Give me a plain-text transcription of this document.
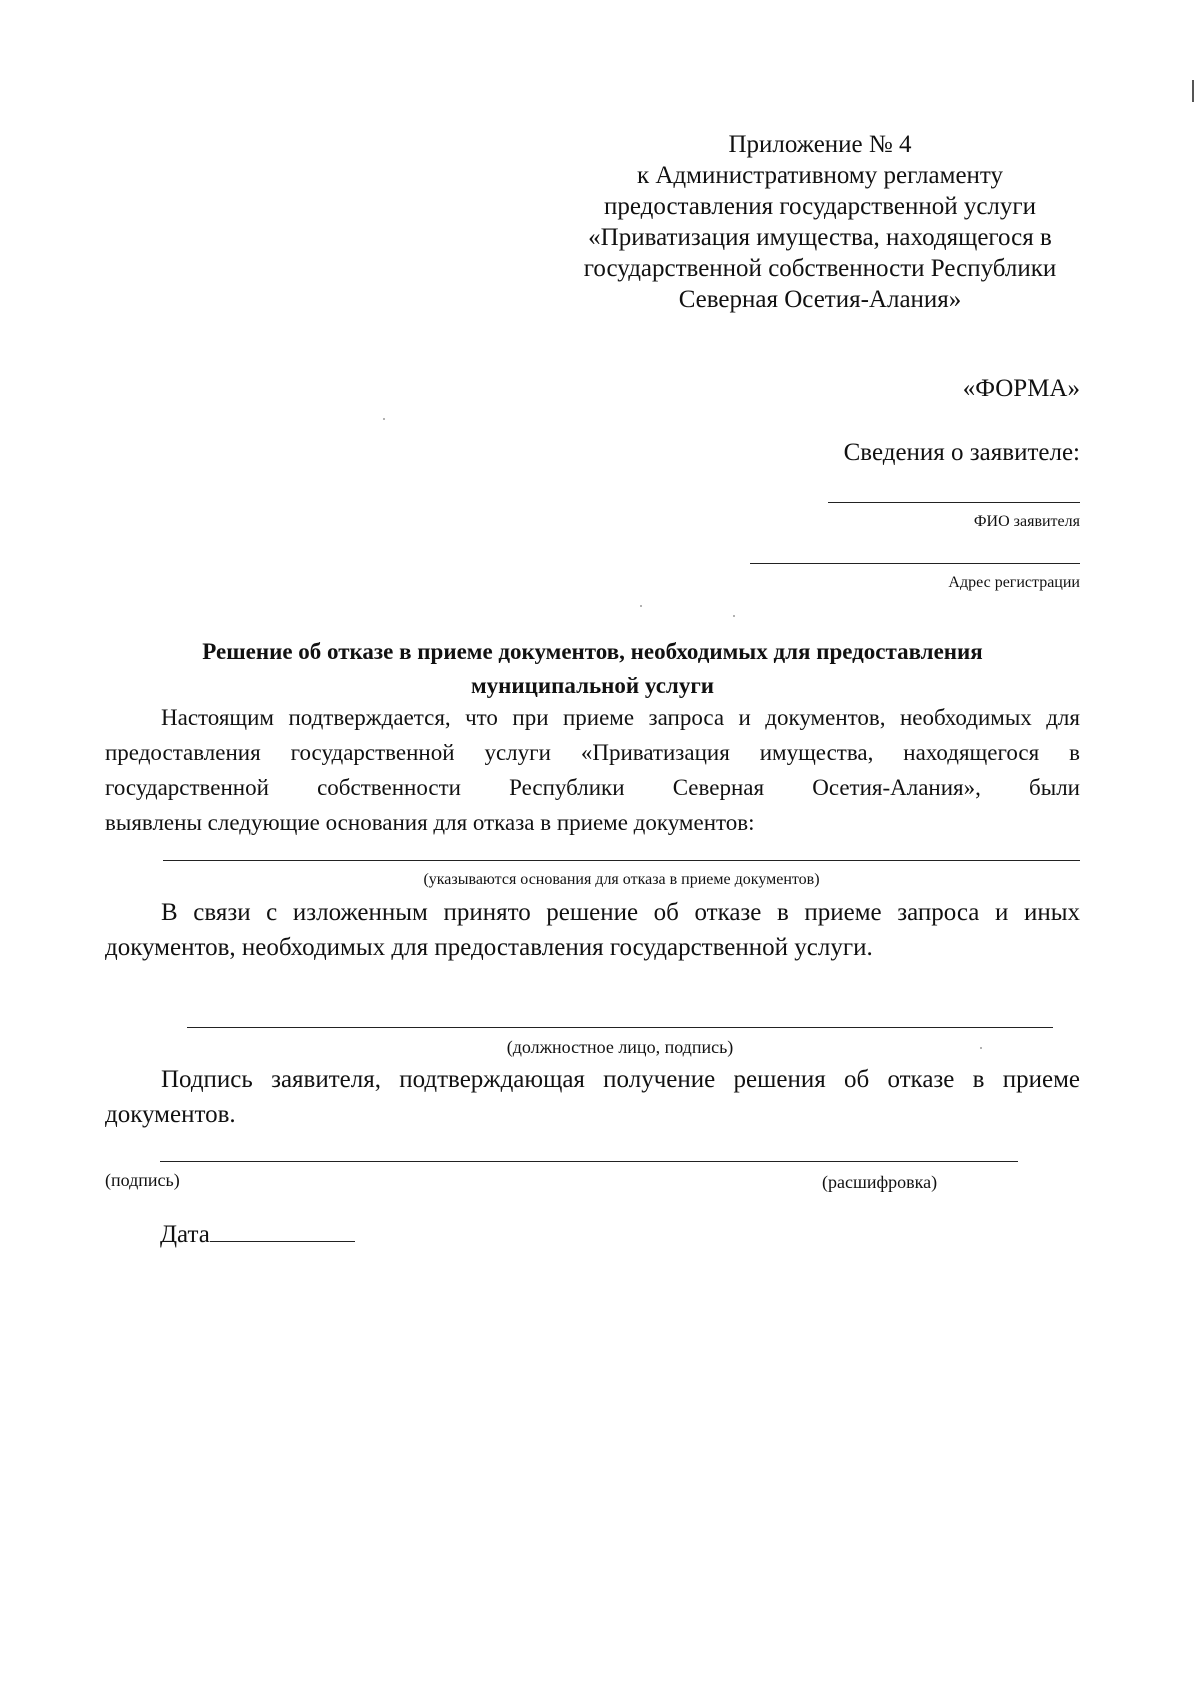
Приложение № 4
к Административному регламенту
предоставления государственной услуги
«Приватизация имущества, находящегося в
государственной собственности Республики
Северная Осетия-Алания»
«ФОРМА»
Сведения о заявителе:
ФИО заявителя
Адрес регистрации
Решение об отказе в приеме документов, необходимых для предоставления
муниципальной услуги
Настоящим подтверждается, что при приеме запроса и документов, необходимых для
предоставления государственной услуги «Приватизация имущества, находящегося в
государственной собственности Республики Северная Осетия-Алания», были
выявлены следующие основания для отказа в приеме документов:
(указываются основания для отказа в приеме документов)
В связи с изложенным принято решение об отказе в приеме запроса и иных
документов, необходимых для предоставления государственной услуги.
(должностное лицо, подпись)
Подпись заявителя, подтверждающая получение решения об отказе в приеме
документов.
(подпись)	(расшифровка)
Дата
